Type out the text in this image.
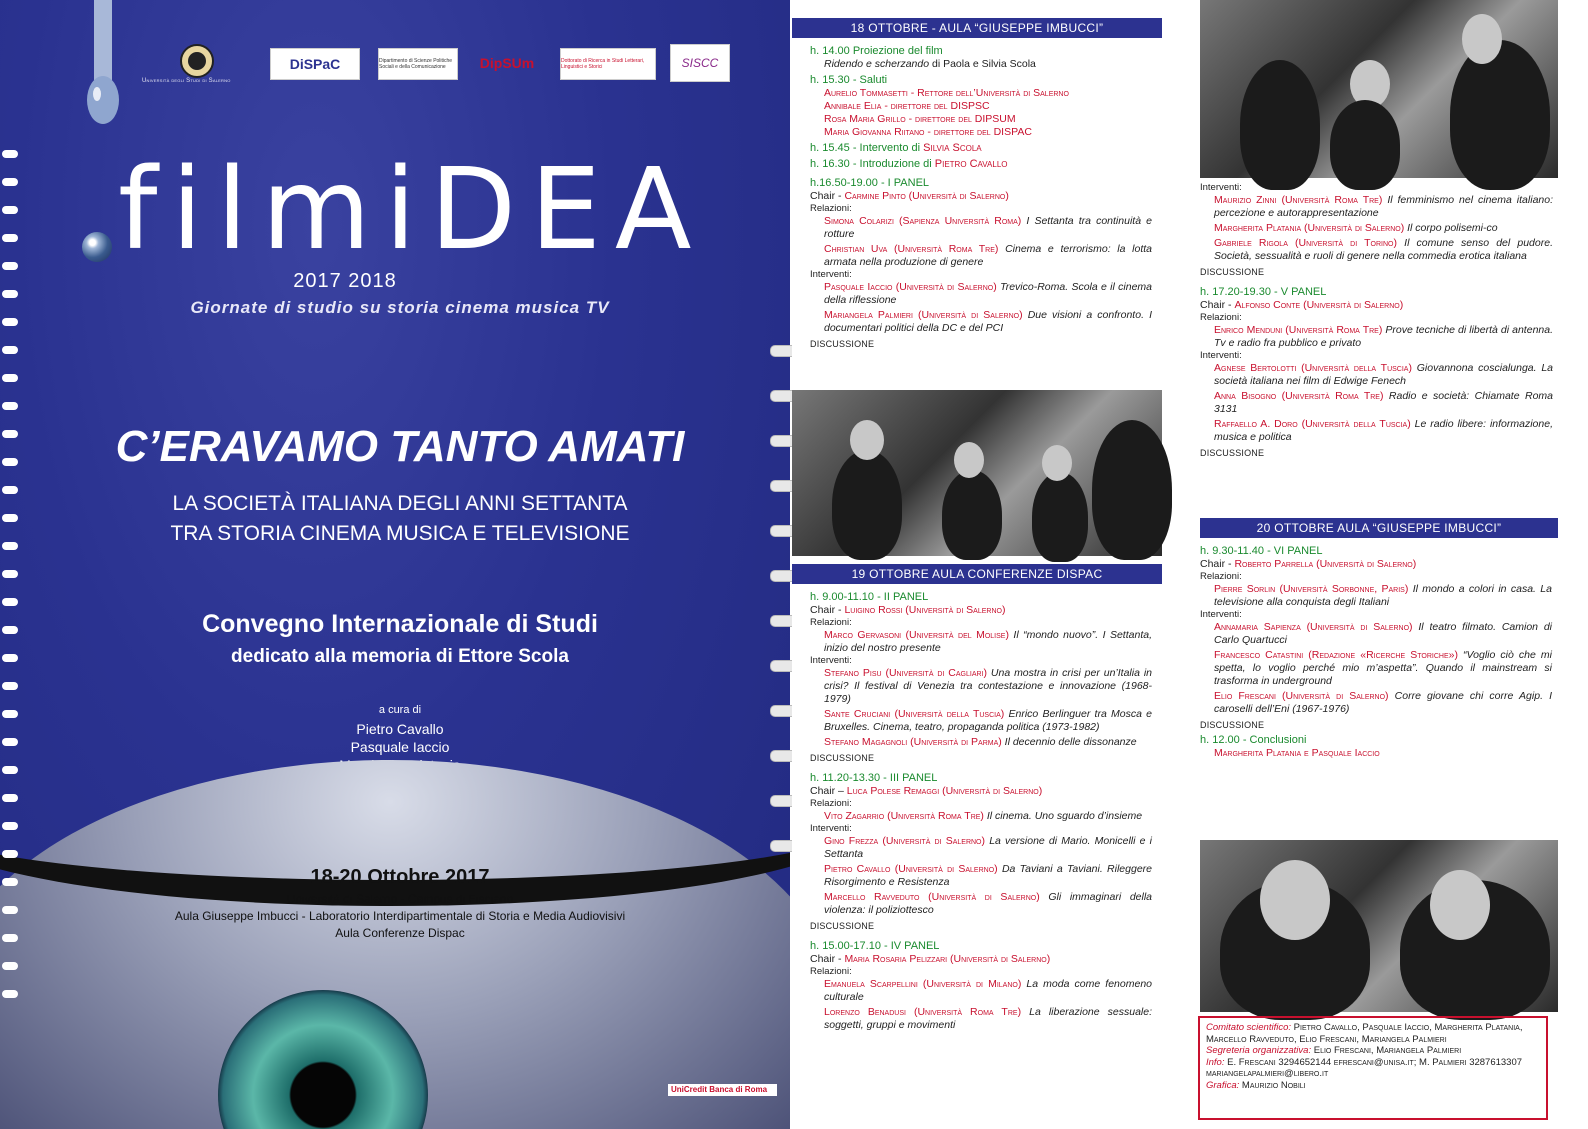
DiSPaC	Dipartimento di Scienze Politiche Sociali e della Comunicazione	DipSUm	Dottorato di Ricerca in Studi Letterari, Linguistici e Storici	SISCC
Università degli Studi di Salerno
filmiDEA
2017 2018
Giornate di studio su storia cinema musica TV
C’ERAVAMO TANTO AMATI
LA SOCIETÀ ITALIANA DEGLI ANNI SETTANTA
TRA STORIA CINEMA MUSICA E TELEVISIONE
Convegno Internazionale di Studi
dedicato alla memoria di Ettore Scola
a cura di
Pietro Cavallo
Pasquale Iaccio
18-20 Ottobre 2017
Università di Salerno - Campus di Fisciano
Aula Giuseppe Imbucci - Laboratorio Interdipartimentale di Storia e Media Audiovisivi
Aula Conferenze Dispac
UniCredit Banca di Roma
18 OTTOBRE - AULA “GIUSEPPE IMBUCCI”
h. 14.00 Proiezione del film
Ridendo e scherzando di Paola e Silvia Scola
h. 15.30 - Saluti
Aurelio Tommasetti - Rettore dell’Università di Salerno
Annibale Elia - direttore del DISPSC
Rosa Maria Grillo - direttore del DIPSUM
Maria Giovanna Riitano - direttore del DISPAC
h. 15.45 - Intervento di Silvia Scola
h. 16.30 - Introduzione di Pietro Cavallo
h.16.50-19.00 - I PANEL
Chair - Carmine Pinto (Università di Salerno)
Relazioni:
Simona Colarizi (Sapienza Università Roma) I Settanta tra continuità e rotture
Christian Uva (Università Roma Tre) Cinema e terrorismo: la lotta armata nella produzione di genere
Interventi:
Pasquale Iaccio (Università di Salerno) Trevico-Roma. Scola e il cinema della riflessione
Mariangela Palmieri (Università di Salerno) Due visioni a confronto. I documentari politici della DC e del PCI
DISCUSSIONE
19 OTTOBRE AULA CONFERENZE DISPAC
h. 9.00-11.10 - II PANEL
Chair - Luigino Rossi (Università di Salerno)
Relazioni:
Marco Gervasoni (Università del Molise) Il “mondo nuovo”. I Settanta, inizio del nostro presente
Interventi:
Stefano Pisu (Università di Cagliari) Una mostra in crisi per un’Italia in crisi? Il festival di Venezia tra contestazione e innovazione (1968-1979)
Sante Cruciani (Università della Tuscia) Enrico Berlinguer tra Mosca e Bruxelles. Cinema, teatro, propaganda politica (1973-1982)
Stefano Magagnoli (Università di Parma) Il decennio delle dissonanze
DISCUSSIONE
h. 11.20-13.30 - III PANEL
Chair – Luca Polese Remaggi (Università di Salerno)
Relazioni:
Vito Zagarrio (Università Roma Tre) Il cinema. Uno sguardo d’insieme
Interventi:
Gino Frezza (Università di Salerno) La versione di Mario. Monicelli e i Settanta
Pietro Cavallo (Università di Salerno) Da Taviani a Taviani. Rileggere Risorgimento e Resistenza
Marcello Ravveduto (Università di Salerno) Gli immaginari della violenza: il poliziottesco
DISCUSSIONE
h. 15.00-17.10 - IV PANEL
Chair - Maria Rosaria Pelizzari (Università di Salerno)
Relazioni:
Emanuela Scarpellini (Università di Milano) La moda come fenomeno culturale
Lorenzo Benadusi (Università Roma Tre) La liberazione sessuale: soggetti, gruppi e movimenti
Interventi:
Maurizio Zinni (Università Roma Tre) Il femminismo nel cinema italiano: percezione e autorappresentazione
Margherita Platania (Università di Salerno) Il corpo polisemi-co
Gabriele Rigola (Università di Torino) Il comune senso del pudore. Società, sessualità e ruoli di genere nella commedia erotica italiana
DISCUSSIONE
h. 17.20-19.30 - V PANEL
Chair - Alfonso Conte (Università di Salerno)
Relazioni:
Enrico Menduni (Università Roma Tre) Prove tecniche di libertà di antenna. Tv e radio fra pubblico e privato
Interventi:
Agnese Bertolotti (Università della Tuscia) Giovannona coscialunga. La società italiana nei film di Edwige Fenech
Anna Bisogno (Università Roma Tre) Radio e società: Chiamate Roma 3131
Raffaello A. Doro (Università della Tuscia) Le radio libere: informazione, musica e politica
DISCUSSIONE
20 OTTOBRE AULA “GIUSEPPE IMBUCCI”
h. 9.30-11.40 - VI PANEL
Chair - Roberto Parrella (Università di Salerno)
Relazioni:
Pierre Sorlin (Università Sorbonne, Paris) Il mondo a colori in casa. La televisione alla conquista degli Italiani
Interventi:
Annamaria Sapienza (Università di Salerno) Il teatro filmato. Camion di Carlo Quartucci
Francesco Catastini (Redazione «Ricerche Storiche») “Voglio ciò che mi spetta, lo voglio perché mio m’aspetta”. Quando il mainstream si trasforma in underground
Elio Frescani (Università di Salerno) Corre giovane chi corre Agip. I caroselli dell’Eni (1967-1976)
DISCUSSIONE
h. 12.00 - Conclusioni
Margherita Platania e Pasquale Iaccio
Comitato scientifico: Pietro Cavallo, Pasquale Iaccio, Margherita Platania, Marcello Ravveduto, Elio Frescani, Mariangela Palmieri
Segreteria organizzativa: Elio Frescani, Mariangela Palmieri
Info: E. Frescani 3294652144 efrescani@unisa.it; M. Palmieri 3287613307 mariangelapalmieri@libero.it
Grafica: Maurizio Nobili
